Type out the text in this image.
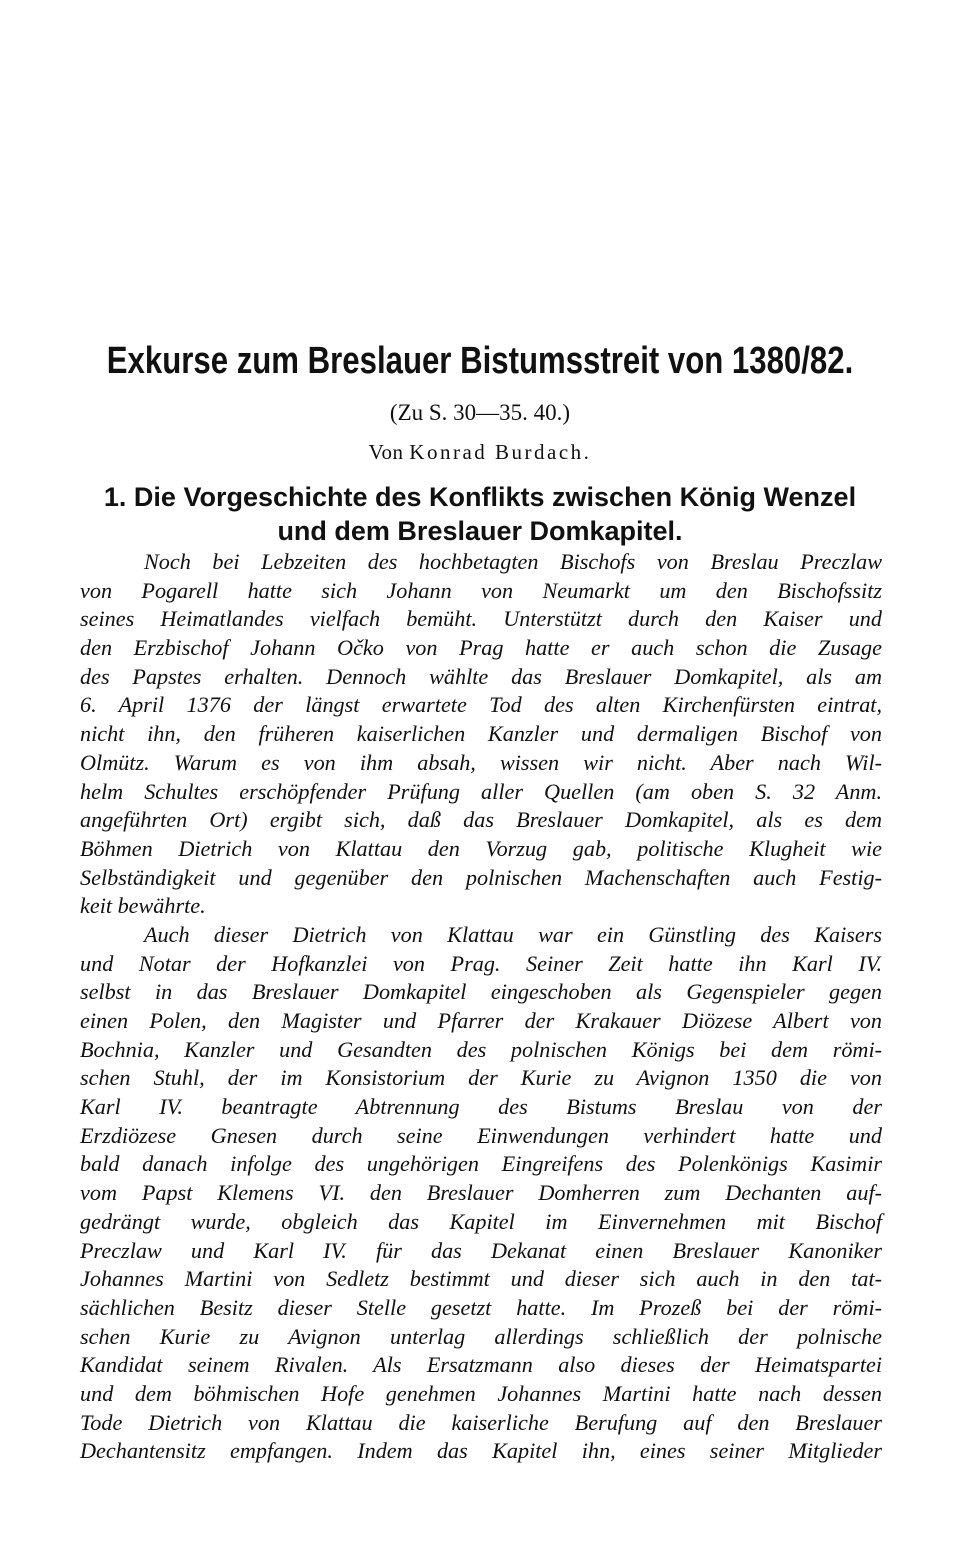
Exkurse zum Breslauer Bistumsstreit von 1380/82.
(Zu S. 30—35. 40.)
Von Konrad Burdach.
1. Die Vorgeschichte des Konflikts zwischen König Wenzel
und dem Breslauer Domkapitel.
Noch bei Lebzeiten des hochbetagten Bischofs von Breslau Preczlaw
von Pogarell hatte sich Johann von Neumarkt um den Bischofssitz
seines Heimatlandes vielfach bemüht. Unterstützt durch den Kaiser und
den Erzbischof Johann Očko von Prag hatte er auch schon die Zusage
des Papstes erhalten. Dennoch wählte das Breslauer Domkapitel, als am
6. April 1376 der längst erwartete Tod des alten Kirchenfürsten eintrat,
nicht ihn, den früheren kaiserlichen Kanzler und dermaligen Bischof von
Olmütz. Warum es von ihm absah, wissen wir nicht. Aber nach Wil-
helm Schultes erschöpfender Prüfung aller Quellen (am oben S. 32 Anm.
angeführten Ort) ergibt sich, daß das Breslauer Domkapitel, als es dem
Böhmen Dietrich von Klattau den Vorzug gab, politische Klugheit wie
Selbständigkeit und gegenüber den polnischen Machenschaften auch Festig-
keit bewährte.
Auch dieser Dietrich von Klattau war ein Günstling des Kaisers
und Notar der Hofkanzlei von Prag. Seiner Zeit hatte ihn Karl IV.
selbst in das Breslauer Domkapitel eingeschoben als Gegenspieler gegen
einen Polen, den Magister und Pfarrer der Krakauer Diözese Albert von
Bochnia, Kanzler und Gesandten des polnischen Königs bei dem römi-
schen Stuhl, der im Konsistorium der Kurie zu Avignon 1350 die von
Karl IV. beantragte Abtrennung des Bistums Breslau von der
Erzdiözese Gnesen durch seine Einwendungen verhindert hatte und
bald danach infolge des ungehörigen Eingreifens des Polenkönigs Kasimir
vom Papst Klemens VI. den Breslauer Domherren zum Dechanten auf-
gedrängt wurde, obgleich das Kapitel im Einvernehmen mit Bischof
Preczlaw und Karl IV. für das Dekanat einen Breslauer Kanoniker
Johannes Martini von Sedletz bestimmt und dieser sich auch in den tat-
sächlichen Besitz dieser Stelle gesetzt hatte. Im Prozeß bei der römi-
schen Kurie zu Avignon unterlag allerdings schließlich der polnische
Kandidat seinem Rivalen. Als Ersatzmann also dieses der Heimatspartei
und dem böhmischen Hofe genehmen Johannes Martini hatte nach dessen
Tode Dietrich von Klattau die kaiserliche Berufung auf den Breslauer
Dechantensitz empfangen. Indem das Kapitel ihn, eines seiner Mitglieder
